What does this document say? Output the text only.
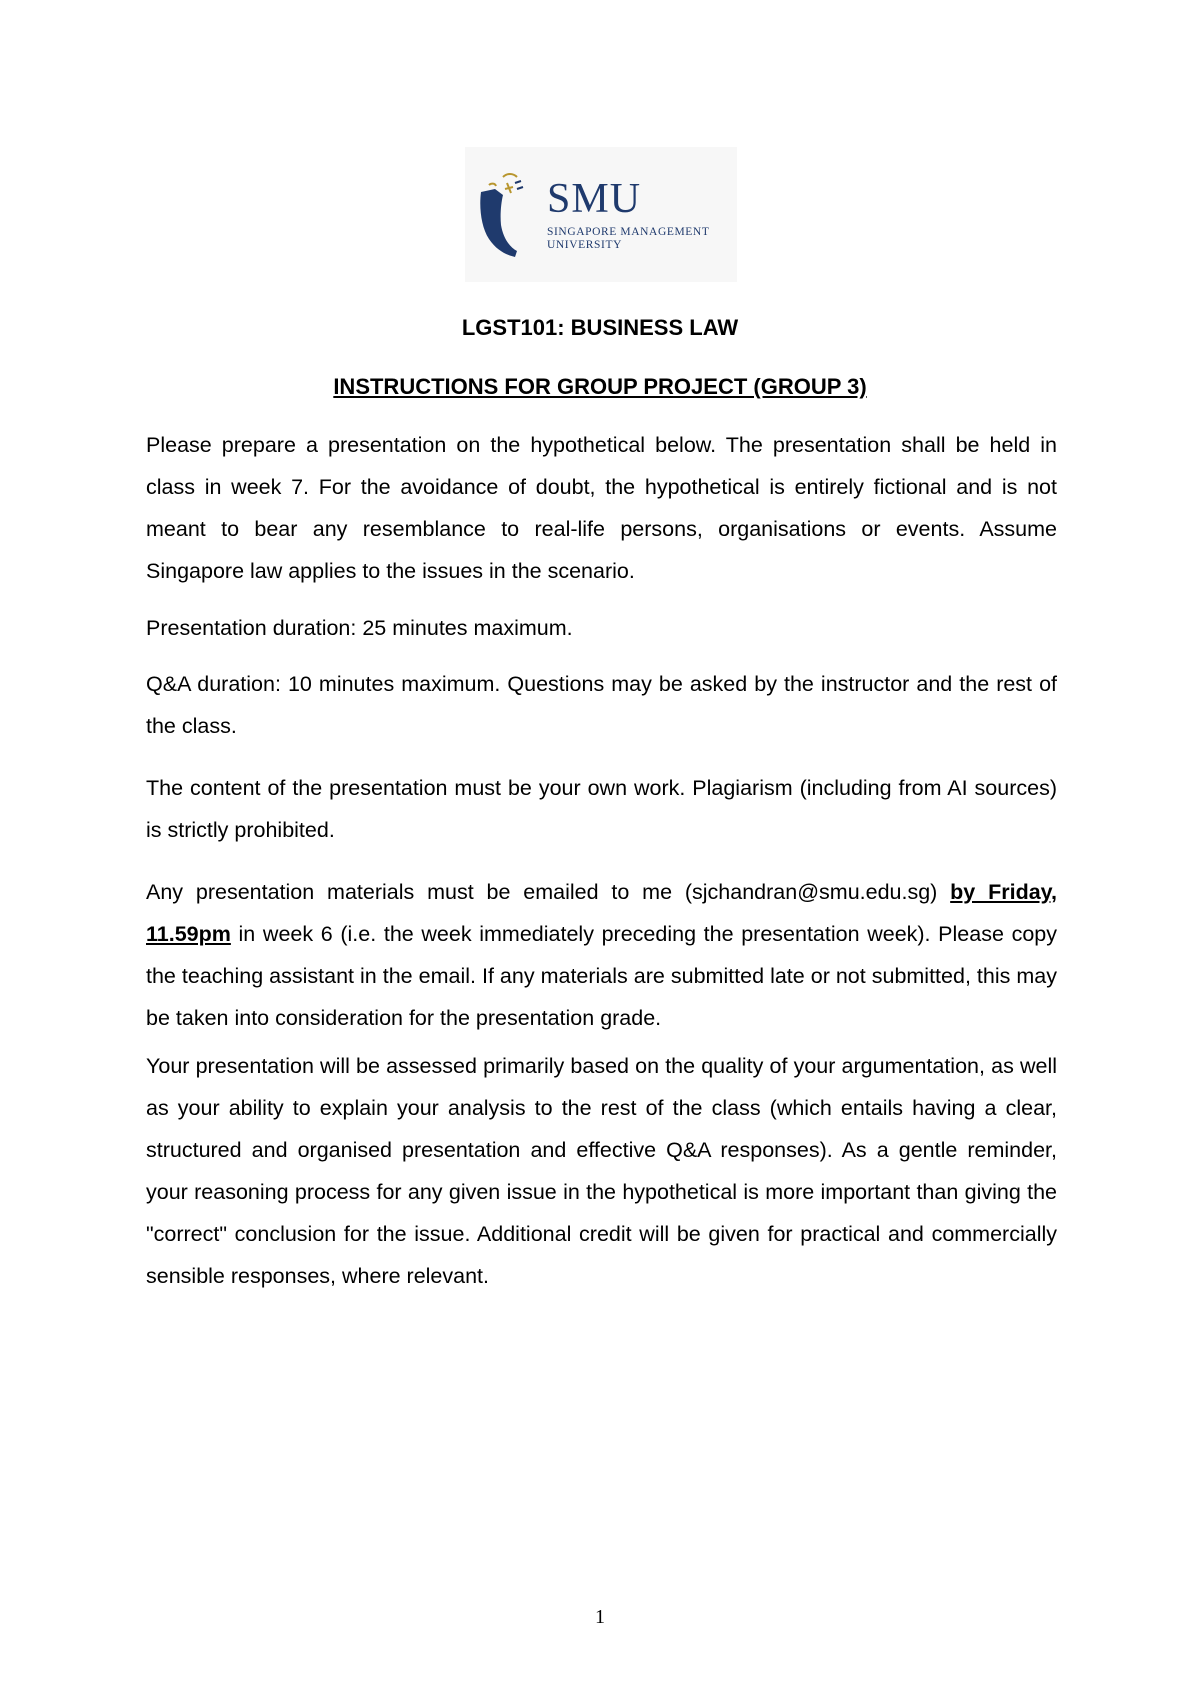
SMU
SINGAPORE MANAGEMENT
UNIVERSITY
LGST101: BUSINESS LAW
INSTRUCTIONS FOR GROUP PROJECT (GROUP 3)
Please prepare a presentation on the hypothetical below. The presentation shall be held in class in week 7. For the avoidance of doubt, the hypothetical is entirely fictional and is not meant to bear any resemblance to real-life persons, organisations or events. Assume Singapore law applies to the issues in the scenario.
Presentation duration: 25 minutes maximum.
Q&A duration: 10 minutes maximum. Questions may be asked by the instructor and the rest of the class.
The content of the presentation must be your own work. Plagiarism (including from AI sources) is strictly prohibited.
Any presentation materials must be emailed to me (sjchandran@smu.edu.sg) by Friday, 11.59pm in week 6 (i.e. the week immediately preceding the presentation week). Please copy the teaching assistant in the email. If any materials are submitted late or not submitted, this may be taken into consideration for the presentation grade.
Your presentation will be assessed primarily based on the quality of your argumentation, as well as your ability to explain your analysis to the rest of the class (which entails having a clear, structured and organised presentation and effective Q&A responses). As a gentle reminder, your reasoning process for any given issue in the hypothetical is more important than giving the "correct" conclusion for the issue. Additional credit will be given for practical and commercially sensible responses, where relevant.
1
